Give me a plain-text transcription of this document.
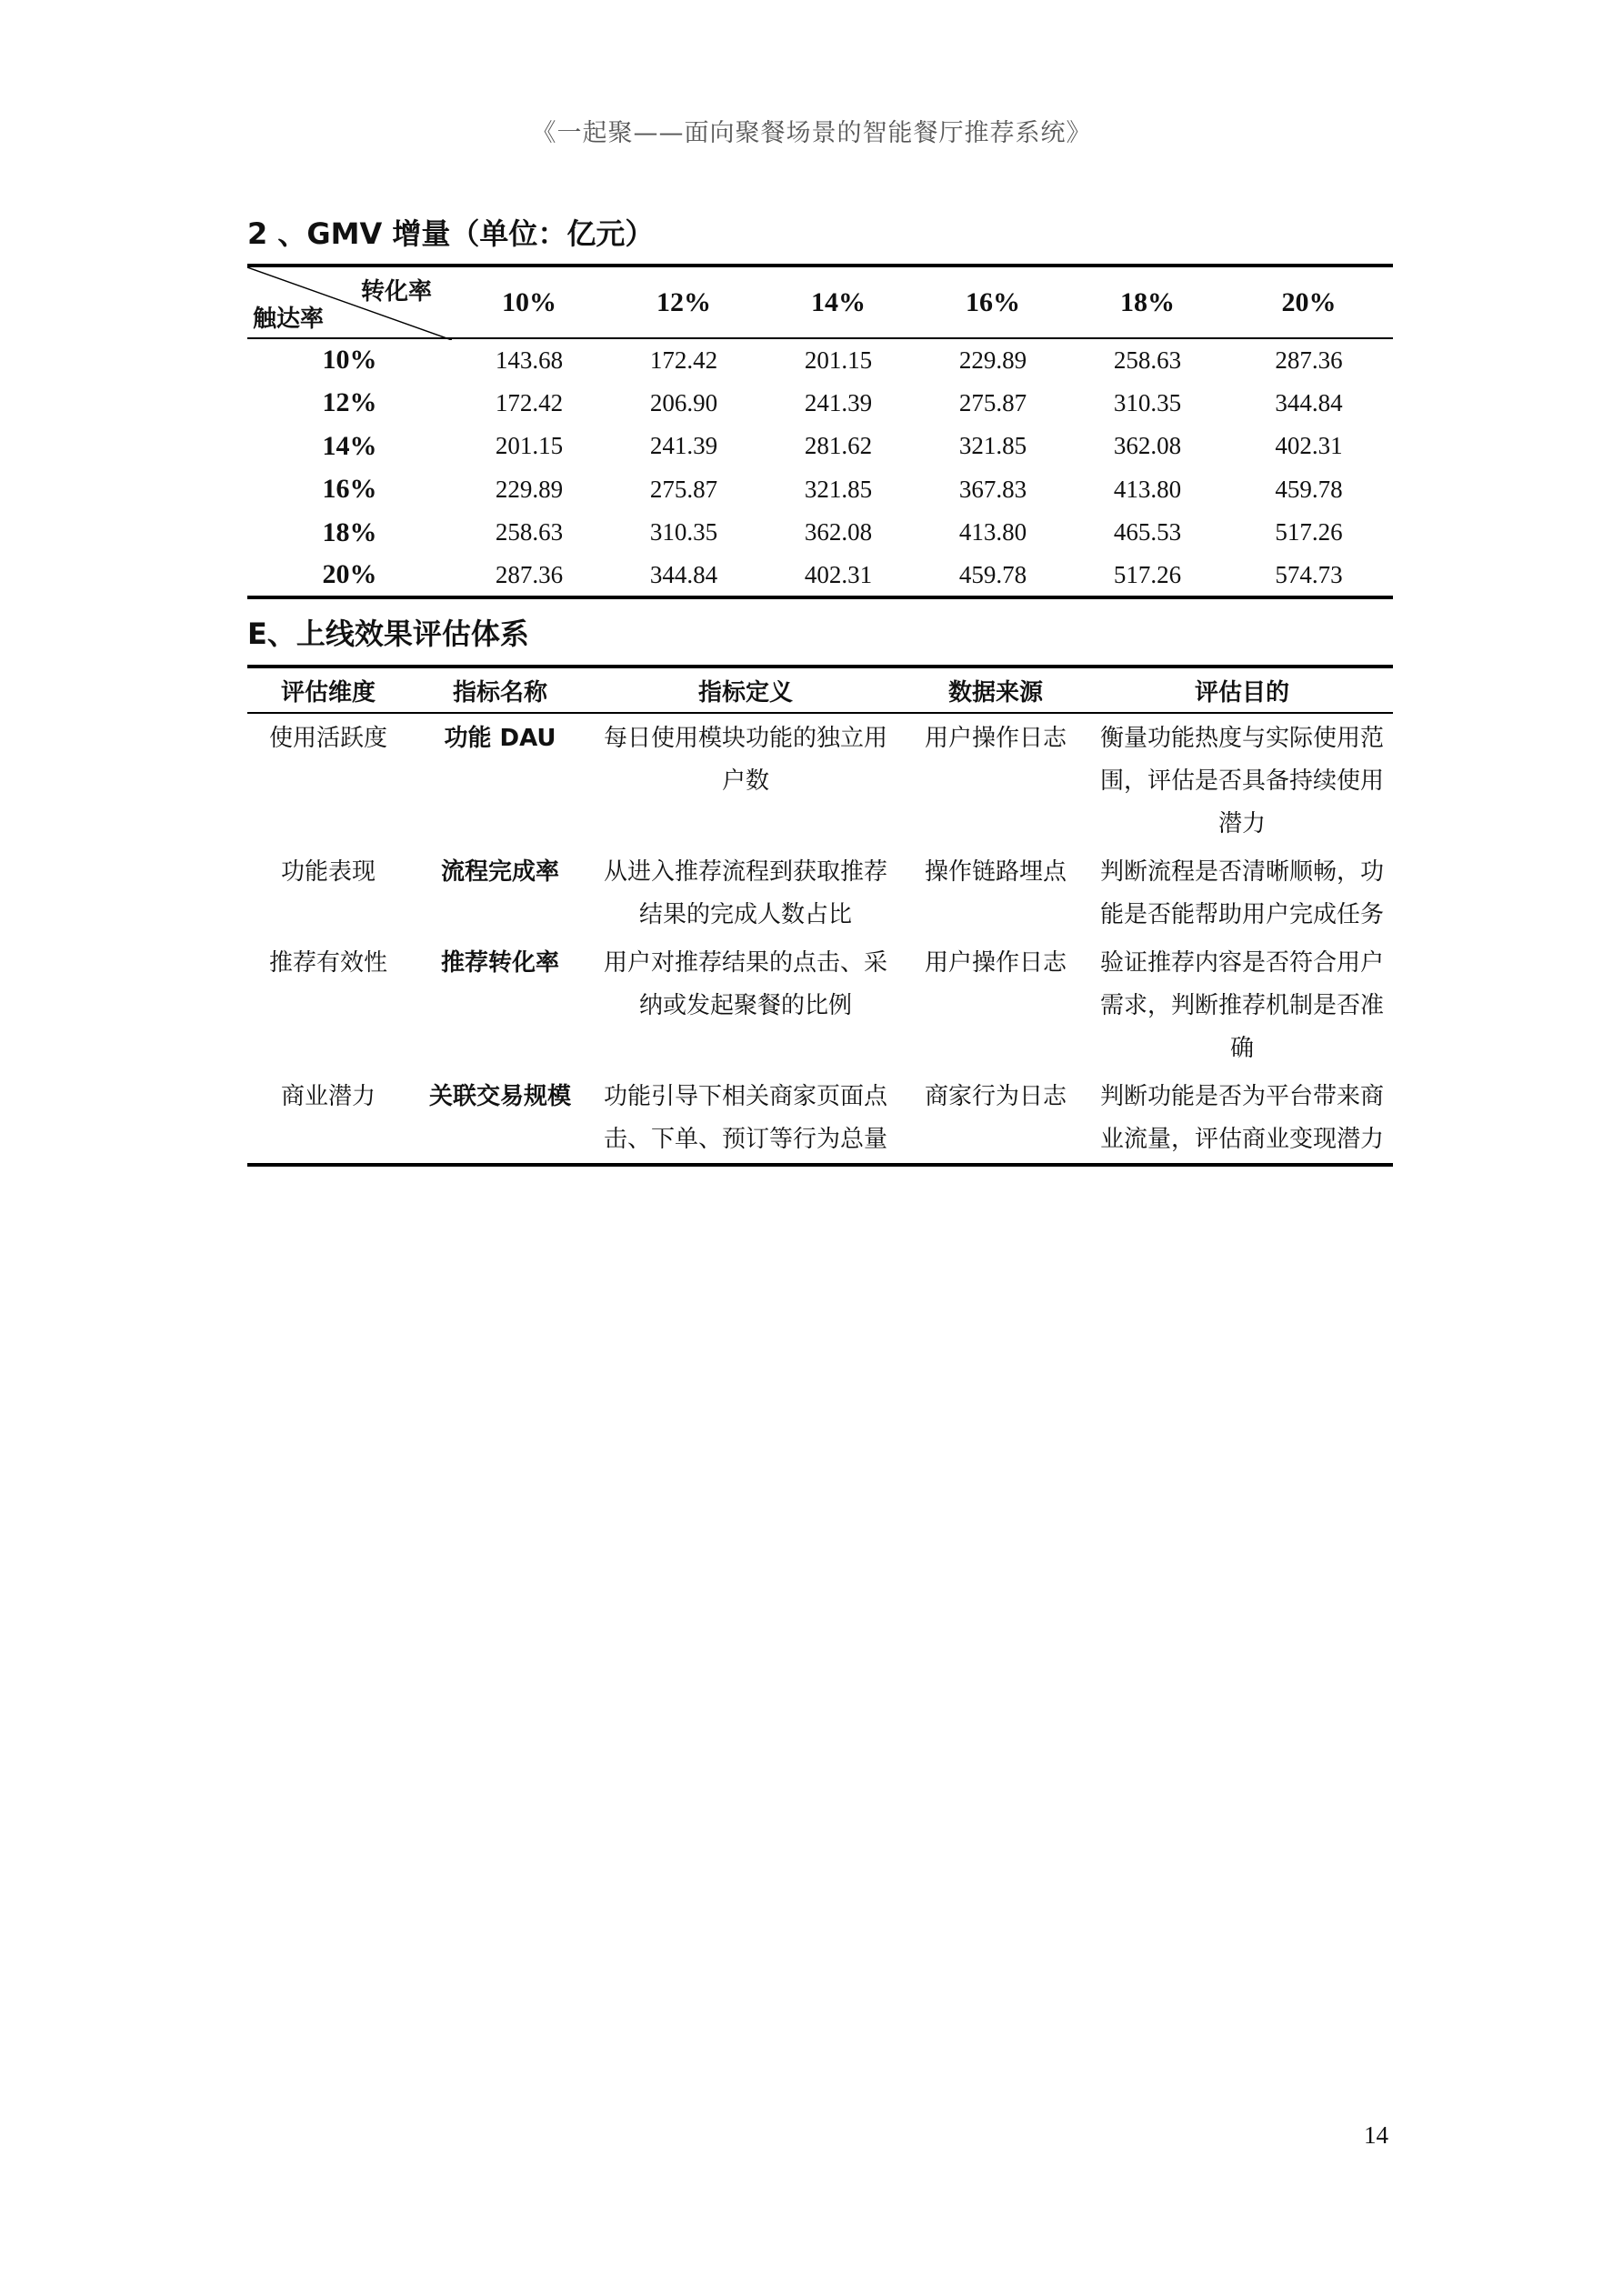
《一起聚——面向聚餐场景的智能餐厅推荐系统》
2 、GMV 增量（单位：亿元）
转化率
触达率	10%	12%	14%	16%	18%	20%
10%	143.68	172.42	201.15	229.89	258.63	287.36
12%	172.42	206.90	241.39	275.87	310.35	344.84
14%	201.15	241.39	281.62	321.85	362.08	402.31
16%	229.89	275.87	321.85	367.83	413.80	459.78
18%	258.63	310.35	362.08	413.80	465.53	517.26
20%	287.36	344.84	402.31	459.78	517.26	574.73
E、上线效果评估体系
评估维度	指标名称	指标定义	数据来源	评估目的
使用活跃度	功能 DAU	每日使用模块功能的独立用户数	用户操作日志	衡量功能热度与实际使用范围，评估是否具备持续使用潜力
功能表现	流程完成率	从进入推荐流程到获取推荐结果的完成人数占比	操作链路埋点	判断流程是否清晰顺畅，功能是否能帮助用户完成任务
推荐有效性	推荐转化率	用户对推荐结果的点击、采纳或发起聚餐的比例	用户操作日志	验证推荐内容是否符合用户需求，判断推荐机制是否准确
商业潜力	关联交易规模	功能引导下相关商家页面点击、下单、预订等行为总量	商家行为日志	判断功能是否为平台带来商业流量，评估商业变现潜力
14
